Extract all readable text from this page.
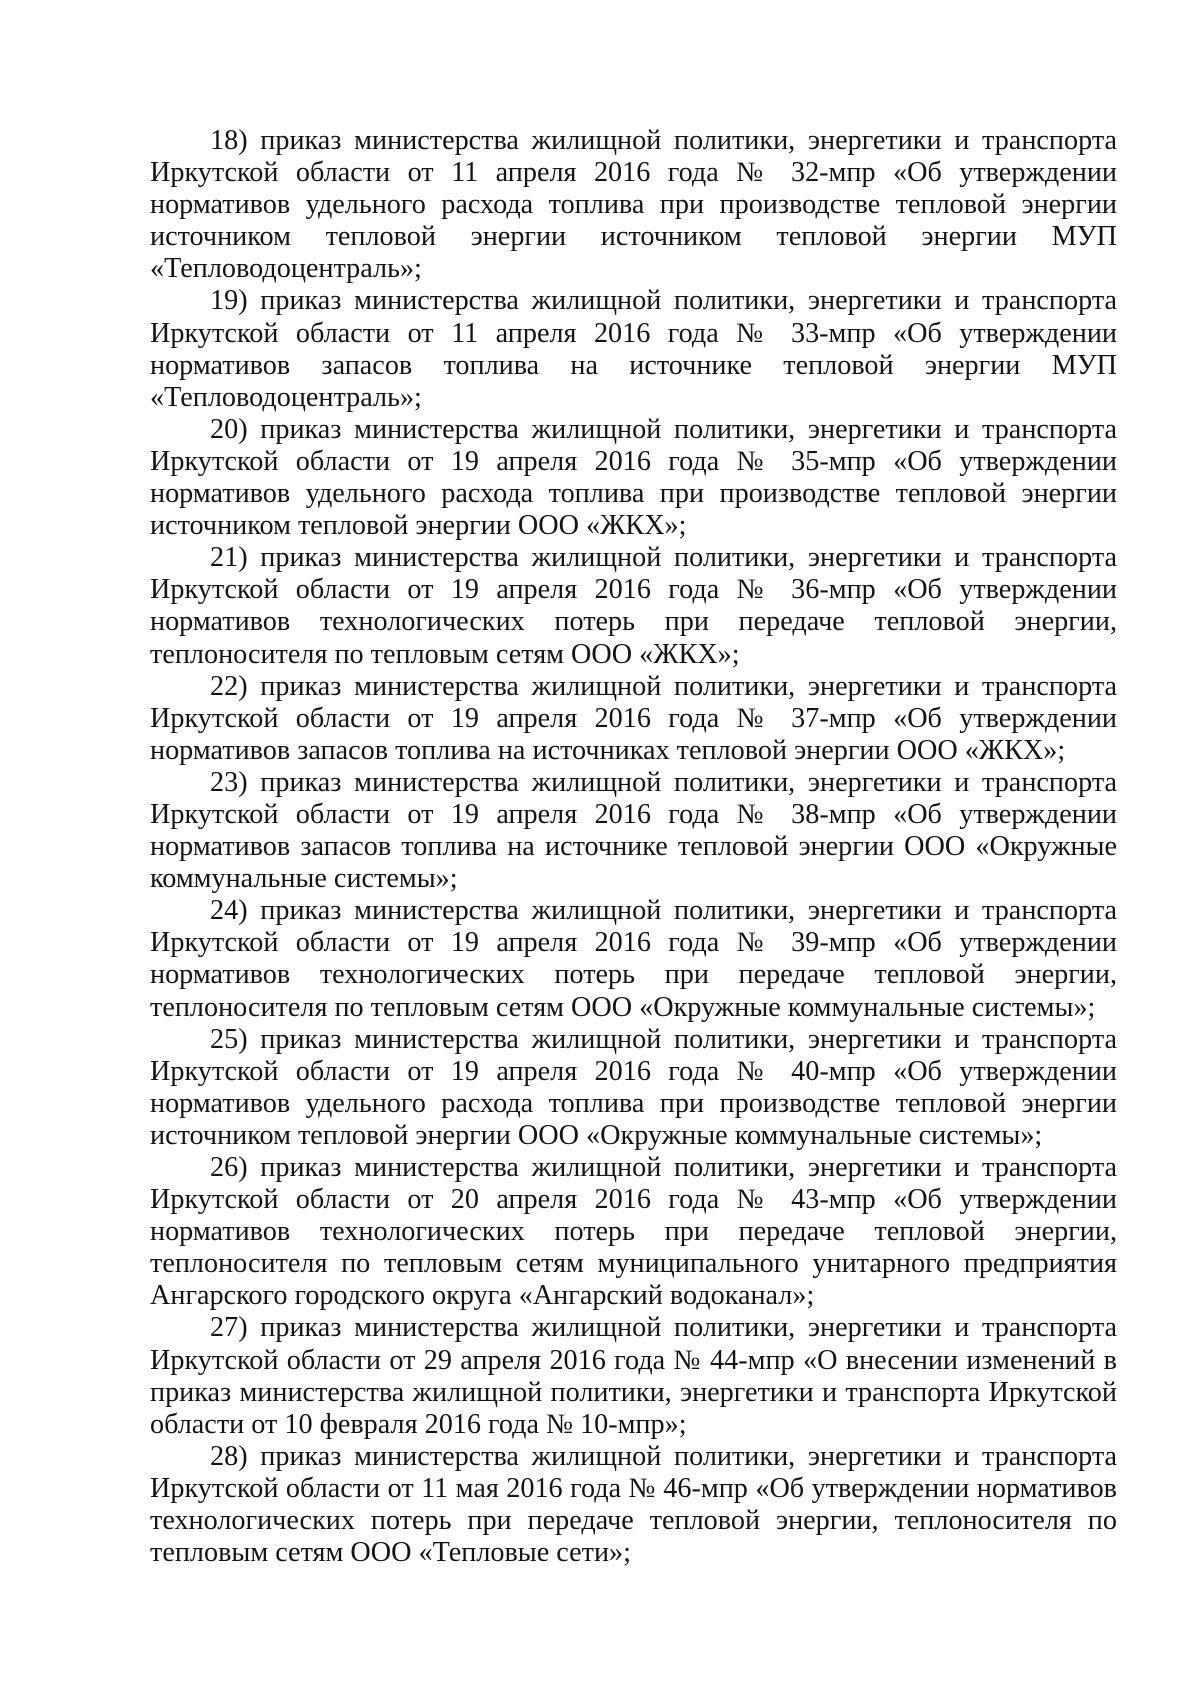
18) приказ министерства жилищной политики, энергетики и транспорта Иркутской области от 11 апреля 2016 года № 32-мпр «Об утверждении нормативов удельного расхода топлива при производстве тепловой энергии источником тепловой энергии источником тепловой энергии МУП «Тепловодоцентраль»;

19) приказ министерства жилищной политики, энергетики и транспорта Иркутской области от 11 апреля 2016 года № 33-мпр «Об утверждении нормативов запасов топлива на источнике тепловой энергии МУП «Тепловодоцентраль»;

20) приказ министерства жилищной политики, энергетики и транспорта Иркутской области от 19 апреля 2016 года № 35-мпр «Об утверждении нормативов удельного расхода топлива при производстве тепловой энергии источником тепловой энергии ООО «ЖКХ»;

21) приказ министерства жилищной политики, энергетики и транспорта Иркутской области от 19 апреля 2016 года № 36-мпр «Об утверждении нормативов технологических потерь при передаче тепловой энергии, теплоносителя по тепловым сетям ООО «ЖКХ»;

22) приказ министерства жилищной политики, энергетики и транспорта Иркутской области от 19 апреля 2016 года № 37-мпр «Об утверждении нормативов запасов топлива на источниках тепловой энергии ООО «ЖКХ»;

23) приказ министерства жилищной политики, энергетики и транспорта Иркутской области от 19 апреля 2016 года № 38-мпр «Об утверждении нормативов запасов топлива на источнике тепловой энергии ООО «Окружные коммунальные системы»;

24) приказ министерства жилищной политики, энергетики и транспорта Иркутской области от 19 апреля 2016 года № 39-мпр «Об утверждении нормативов технологических потерь при передаче тепловой энергии, теплоносителя по тепловым сетям ООО «Окружные коммунальные системы»;

25) приказ министерства жилищной политики, энергетики и транспорта Иркутской области от 19 апреля 2016 года № 40-мпр «Об утверждении нормативов удельного расхода топлива при производстве тепловой энергии источником тепловой энергии ООО «Окружные коммунальные системы»;

26) приказ министерства жилищной политики, энергетики и транспорта Иркутской области от 20 апреля 2016 года № 43-мпр «Об утверждении нормативов технологических потерь при передаче тепловой энергии, теплоносителя по тепловым сетям муниципального унитарного предприятия Ангарского городского округа «Ангарский водоканал»;

27) приказ министерства жилищной политики, энергетики и транспорта Иркутской области от 29 апреля 2016 года № 44-мпр «О внесении изменений в приказ министерства жилищной политики, энергетики и транспорта Иркутской области от 10 февраля 2016 года № 10-мпр»;

28) приказ министерства жилищной политики, энергетики и транспорта Иркутской области от 11 мая 2016 года № 46-мпр «Об утверждении нормативов технологических потерь при передаче тепловой энергии, теплоносителя по тепловым сетям ООО «Тепловые сети»;
